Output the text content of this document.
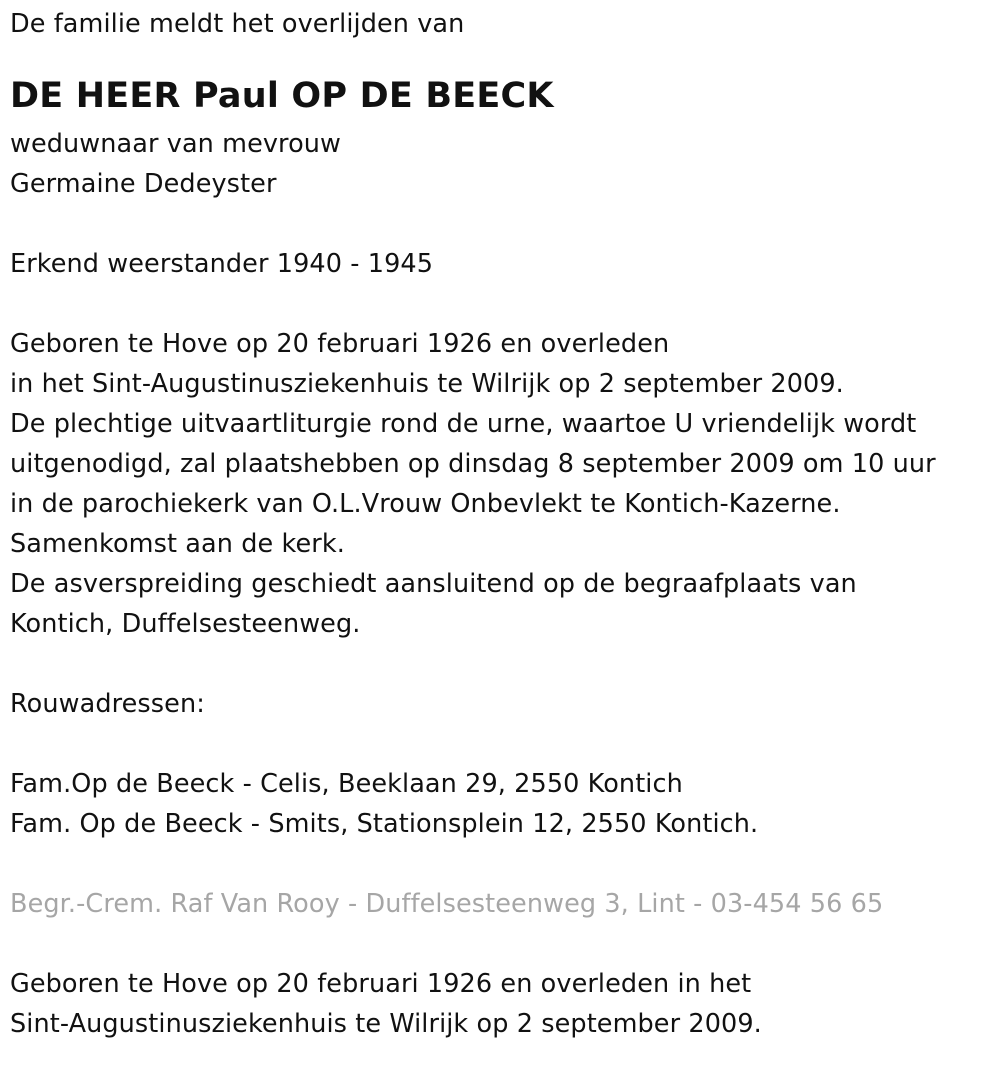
De familie meldt het overlijden van
DE HEER Paul OP DE BEECK
weduwnaar van mevrouw
Germaine Dedeyster
Erkend weerstander 1940 - 1945
Geboren te Hove op 20 februari 1926 en overleden
in het Sint-Augustinusziekenhuis te Wilrijk op 2 september 2009.
De plechtige uitvaartliturgie rond de urne, waartoe U vriendelijk wordt
uitgenodigd, zal plaatshebben op dinsdag 8 september 2009 om 10 uur
in de parochiekerk van O.L.Vrouw Onbevlekt te Kontich-Kazerne.
Samenkomst aan de kerk.
De asverspreiding geschiedt aansluitend op de begraafplaats van
Kontich, Duffelsesteenweg.
Rouwadressen:
Fam.Op de Beeck - Celis, Beeklaan 29, 2550 Kontich
Fam. Op de Beeck - Smits, Stationsplein 12, 2550 Kontich.
Begr.-Crem. Raf Van Rooy - Duffelsesteenweg 3, Lint - 03-454 56 65
Geboren te Hove op 20 februari 1926 en overleden in het
Sint-Augustinusziekenhuis te Wilrijk op 2 september 2009.
